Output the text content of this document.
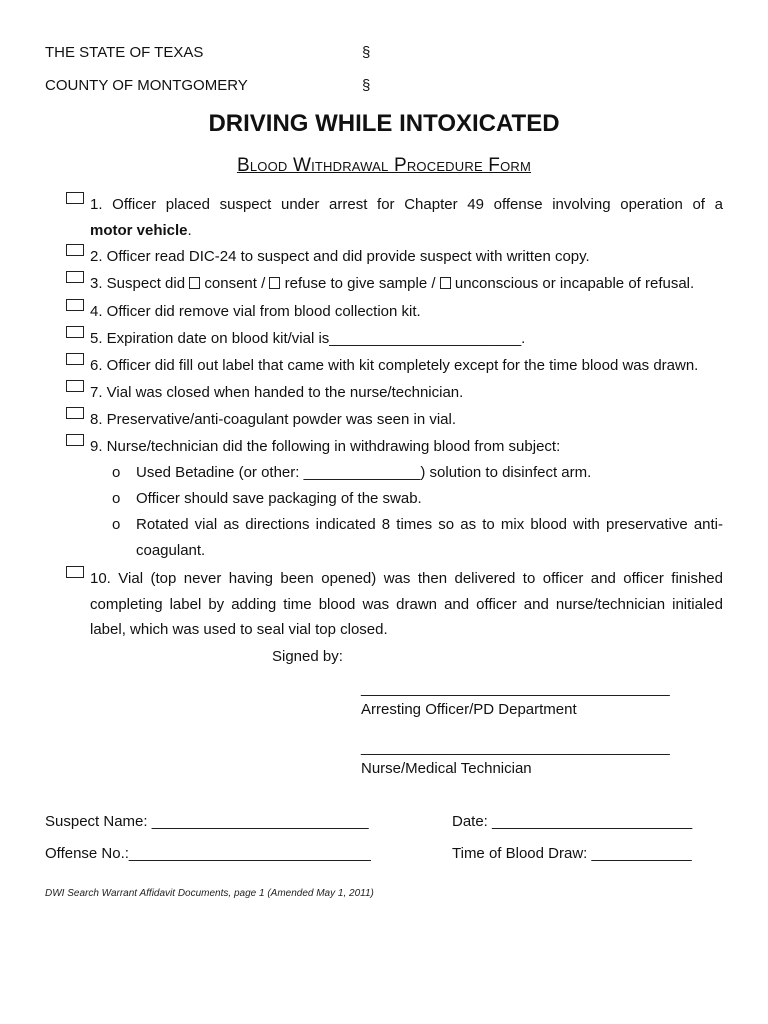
THE STATE OF TEXAS	§
COUNTY OF MONTGOMERY	§
DRIVING WHILE INTOXICATED
Blood Withdrawal Procedure Form
1. Officer placed suspect under arrest for Chapter 49 offense involving operation of a
motor vehicle.
2. Officer read DIC-24 to suspect and did provide suspect with written copy.
3. Suspect did  consent /  refuse to give sample /  unconscious or incapable of refusal.
4. Officer did remove vial from blood collection kit.
5. Expiration date on blood kit/vial is_______________________.
6. Officer did fill out label that came with kit completely except for the time blood was drawn.
7. Vial was closed when handed to the nurse/technician.
8. Preservative/anti-coagulant powder was seen in vial.
9. Nurse/technician did the following in withdrawing blood from subject:
o Used Betadine (or other: ______________) solution to disinfect arm.
o Officer should save packaging of the swab.
o Rotated vial as directions indicated 8 times so as to mix blood with preservative anti-
coagulant.
10. Vial (top never having been opened) was then delivered to officer and officer finished
completing label by adding time blood was drawn and officer and nurse/technician initialed
label, which was used to seal vial top closed.
Signed by:
_____________________________________
Arresting Officer/PD Department
_____________________________________
Nurse/Medical Technician
Suspect Name: __________________________	Date: ________________________
Offense No.:_____________________________	Time of Blood Draw: ____________
DWI Search Warrant Affidavit Documents, page 1 (Amended May 1, 2011)
